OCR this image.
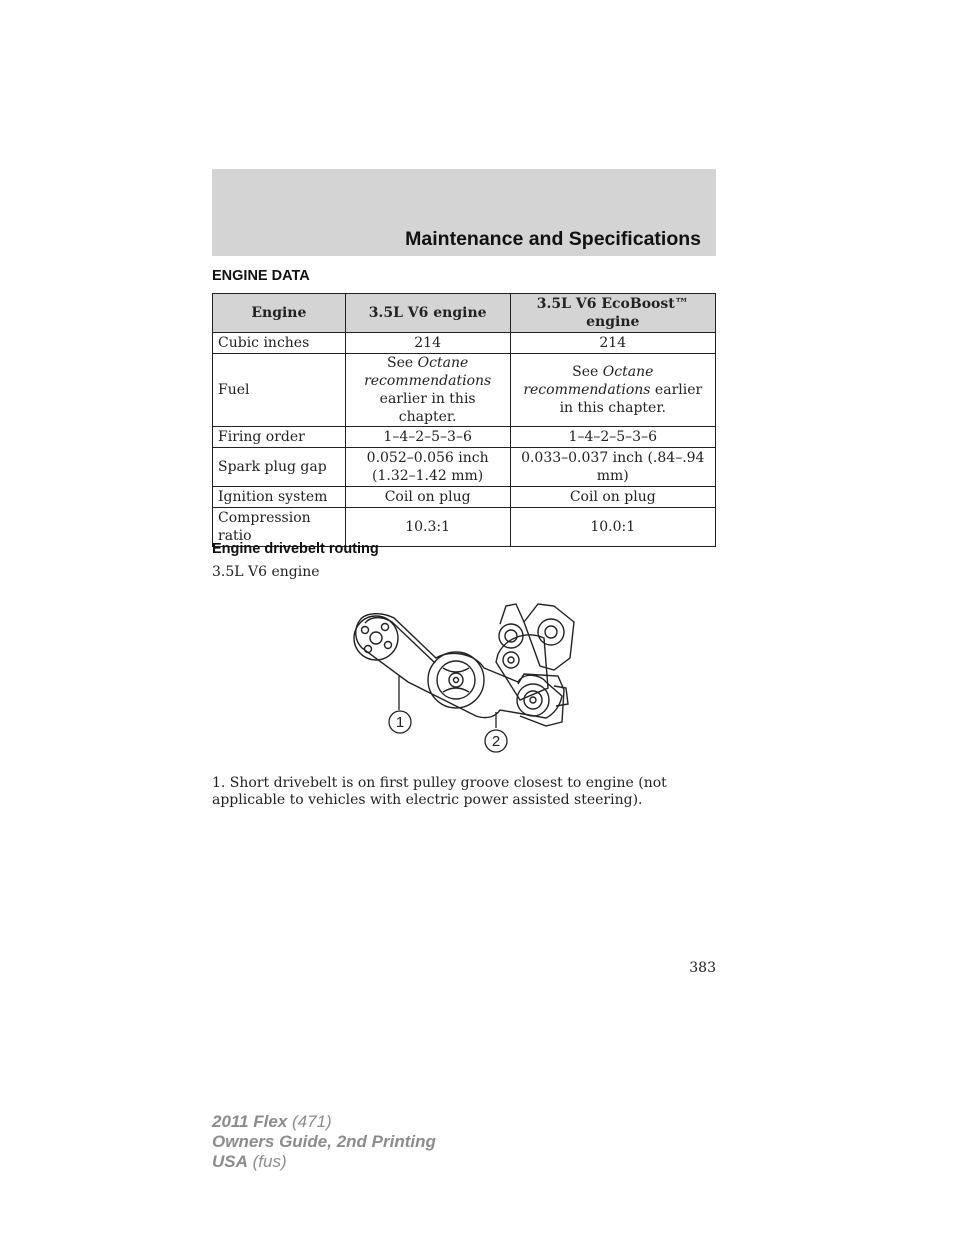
Maintenance and Specifications
ENGINE DATA
Engine	3.5L V6 engine	3.5L V6 EcoBoost™ engine
Cubic inches	214	214
Fuel	See Octane recommendations earlier in this chapter.	See Octane recommendations earlier in this chapter.
Firing order	1–4–2–5–3–6	1–4–2–5–3–6
Spark plug gap	0.052–0.056 inch (1.32–1.42 mm)	0.033–0.037 inch (.84–.94 mm)
Ignition system	Coil on plug	Coil on plug
Compression ratio	10.3:1	10.0:1
Engine drivebelt routing
3.5L V6 engine
1
2
1. Short drivebelt is on first pulley groove closest to engine (not applicable to vehicles with electric power assisted steering).
383
2011 Flex (471)
Owners Guide, 2nd Printing
USA (fus)
